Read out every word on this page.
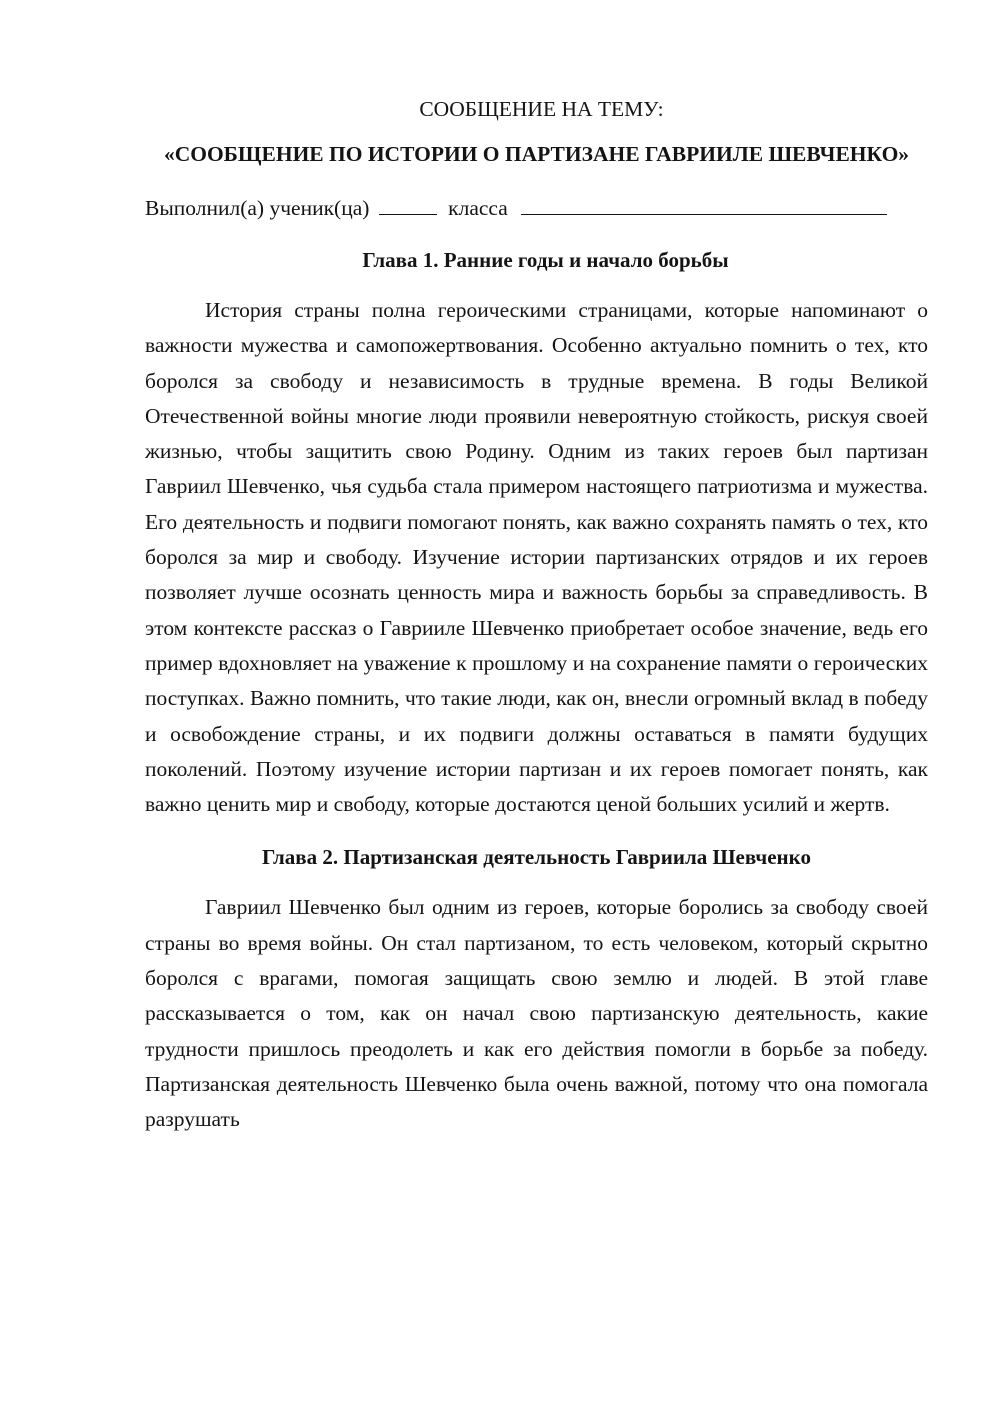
СООБЩЕНИЕ НА ТЕМУ:

«СООБЩЕНИЕ ПО ИСТОРИИ О ПАРТИЗАНЕ ГАВРИИЛЕ ШЕВЧЕНКО»
Выполнил(а) ученик(ца)	класса
Глава 1. Ранние годы и начало борьбы

История страны полна героическими страницами, которые напоминают о важности мужества и самопожертвования. Особенно актуально помнить о тех, кто боролся за свободу и независимость в трудные времена. В годы Великой Отечественной войны многие люди проявили невероятную стойкость, рискуя своей жизнью, чтобы защитить свою Родину. Одним из таких героев был партизан Гавриил Шевченко, чья судьба стала примером настоящего патриотизма и мужества. Его деятельность и подвиги помогают понять, как важно сохранять память о тех, кто боролся за мир и свободу. Изучение истории партизанских отрядов и их героев позволяет лучше осознать ценность мира и важность борьбы за справедливость. В этом контексте рассказ о Гаврииле Шевченко приобретает особое значение, ведь его пример вдохновляет на уважение к прошлому и на сохранение памяти о героических поступках. Важно помнить, что такие люди, как он, внесли огромный вклад в победу и освобождение страны, и их подвиги должны оставаться в памяти будущих поколений. Поэтому изучение истории партизан и их героев помогает понять, как важно ценить мир и свободу, которые достаются ценой больших усилий и жертв.

Глава 2. Партизанская деятельность Гавриила Шевченко

Гавриил Шевченко был одним из героев, которые боролись за свободу своей страны во время войны. Он стал партизаном, то есть человеком, который скрытно боролся с врагами, помогая защищать свою землю и людей. В этой главе рассказывается о том, как он начал свою партизанскую деятельность, какие трудности пришлось преодолеть и как его действия помогли в борьбе за победу. Партизанская деятельность Шевченко была очень важной, потому что она помогала разрушать
